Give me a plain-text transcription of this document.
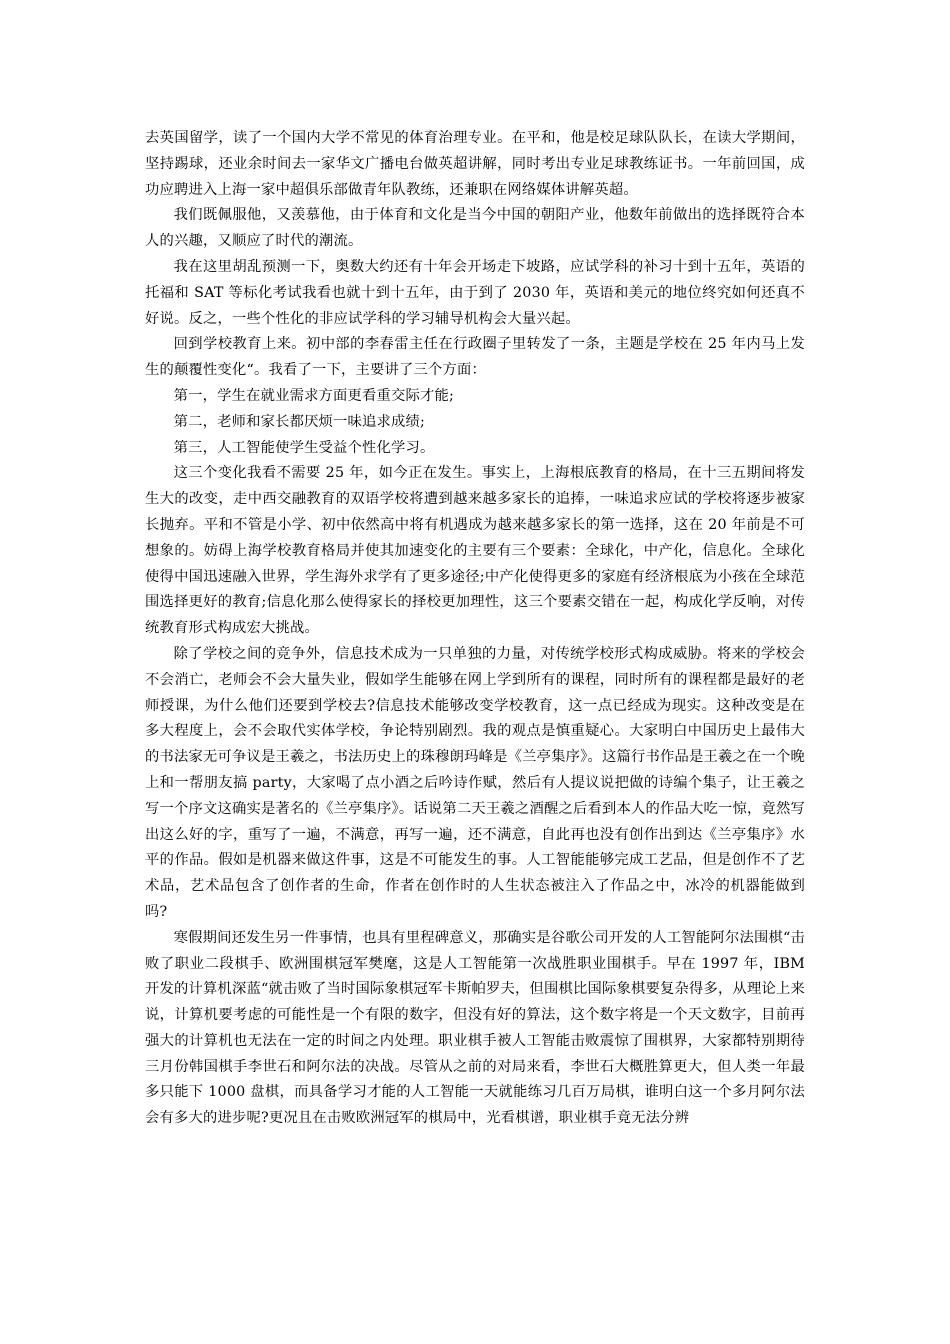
去英国留学，读了一个国内大学不常见的体育治理专业。在平和，他是校足球队队长，在读大学期间，坚持踢球，还业余时间去一家华文广播电台做英超讲解，同时考出专业足球教练证书。一年前回国，成功应聘进入上海一家中超俱乐部做青年队教练，还兼职在网络媒体讲解英超。

我们既佩服他，又羡慕他，由于体育和文化是当今中国的朝阳产业，他数年前做出的选择既符合本人的兴趣，又顺应了时代的潮流。

我在这里胡乱预测一下，奥数大约还有十年会开场走下坡路，应试学科的补习十到十五年，英语的托福和 SAT 等标化考试我看也就十到十五年，由于到了 2030 年，英语和美元的地位终究如何还真不好说。反之，一些个性化的非应试学科的学习辅导机构会大量兴起。

回到学校教育上来。初中部的李春雷主任在行政圈子里转发了一条，主题是学校在 25 年内马上发生的颠覆性变化“。我看了一下，主要讲了三个方面：

第一，学生在就业需求方面更看重交际才能;

第二，老师和家长都厌烦一味追求成绩;

第三，人工智能使学生受益个性化学习。

这三个变化我看不需要 25 年，如今正在发生。事实上，上海根底教育的格局，在十三五期间将发生大的改变，走中西交融教育的双语学校将遭到越来越多家长的追捧，一味追求应试的学校将逐步被家长抛弃。平和不管是小学、初中依然高中将有机遇成为越来越多家长的第一选择，这在 20 年前是不可想象的。妨碍上海学校教育格局并使其加速变化的主要有三个要素：全球化，中产化，信息化。全球化使得中国迅速融入世界，学生海外求学有了更多途径;中产化使得更多的家庭有经济根底为小孩在全球范围选择更好的教育;信息化那么使得家长的择校更加理性，这三个要素交错在一起，构成化学反响，对传统教育形式构成宏大挑战。

除了学校之间的竞争外，信息技术成为一只单独的力量，对传统学校形式构成威胁。将来的学校会不会消亡，老师会不会大量失业，假如学生能够在网上学到所有的课程，同时所有的课程都是最好的老师授课，为什么他们还要到学校去?信息技术能够改变学校教育，这一点已经成为现实。这种改变是在多大程度上，会不会取代实体学校，争论特别剧烈。我的观点是慎重疑心。大家明白中国历史上最伟大的书法家无可争议是王羲之，书法历史上的珠穆朗玛峰是《兰亭集序》。这篇行书作品是王羲之在一个晚上和一帮朋友搞 party，大家喝了点小酒之后吟诗作赋，然后有人提议说把做的诗编个集子，让王羲之写一个序文这确实是著名的《兰亭集序》。话说第二天王羲之酒醒之后看到本人的作品大吃一惊，竟然写出这么好的字，重写了一遍，不满意，再写一遍，还不满意，自此再也没有创作出到达《兰亭集序》水平的作品。假如是机器来做这件事，这是不可能发生的事。人工智能能够完成工艺品，但是创作不了艺术品，艺术品包含了创作者的生命，作者在创作时的人生状态被注入了作品之中，冰冷的机器能做到吗?

寒假期间还发生另一件事情，也具有里程碑意义，那确实是谷歌公司开发的人工智能阿尔法围棋“击败了职业二段棋手、欧洲围棋冠军樊麾，这是人工智能第一次战胜职业围棋手。早在 1997 年，IBM 开发的计算机深蓝“就击败了当时国际象棋冠军卡斯帕罗夫，但围棋比国际象棋要复杂得多，从理论上来说，计算机要考虑的可能性是一个有限的数字，但没有好的算法，这个数字将是一个天文数字，目前再强大的计算机也无法在一定的时间之内处理。职业棋手被人工智能击败震惊了围棋界，大家都特别期待三月份韩国棋手李世石和阿尔法的决战。尽管从之前的对局来看，李世石大概胜算更大，但人类一年最多只能下 1000 盘棋，而具备学习才能的人工智能一天就能练习几百万局棋，谁明白这一个多月阿尔法会有多大的进步呢?更况且在击败欧洲冠军的棋局中，光看棋谱，职业棋手竟无法分辨
